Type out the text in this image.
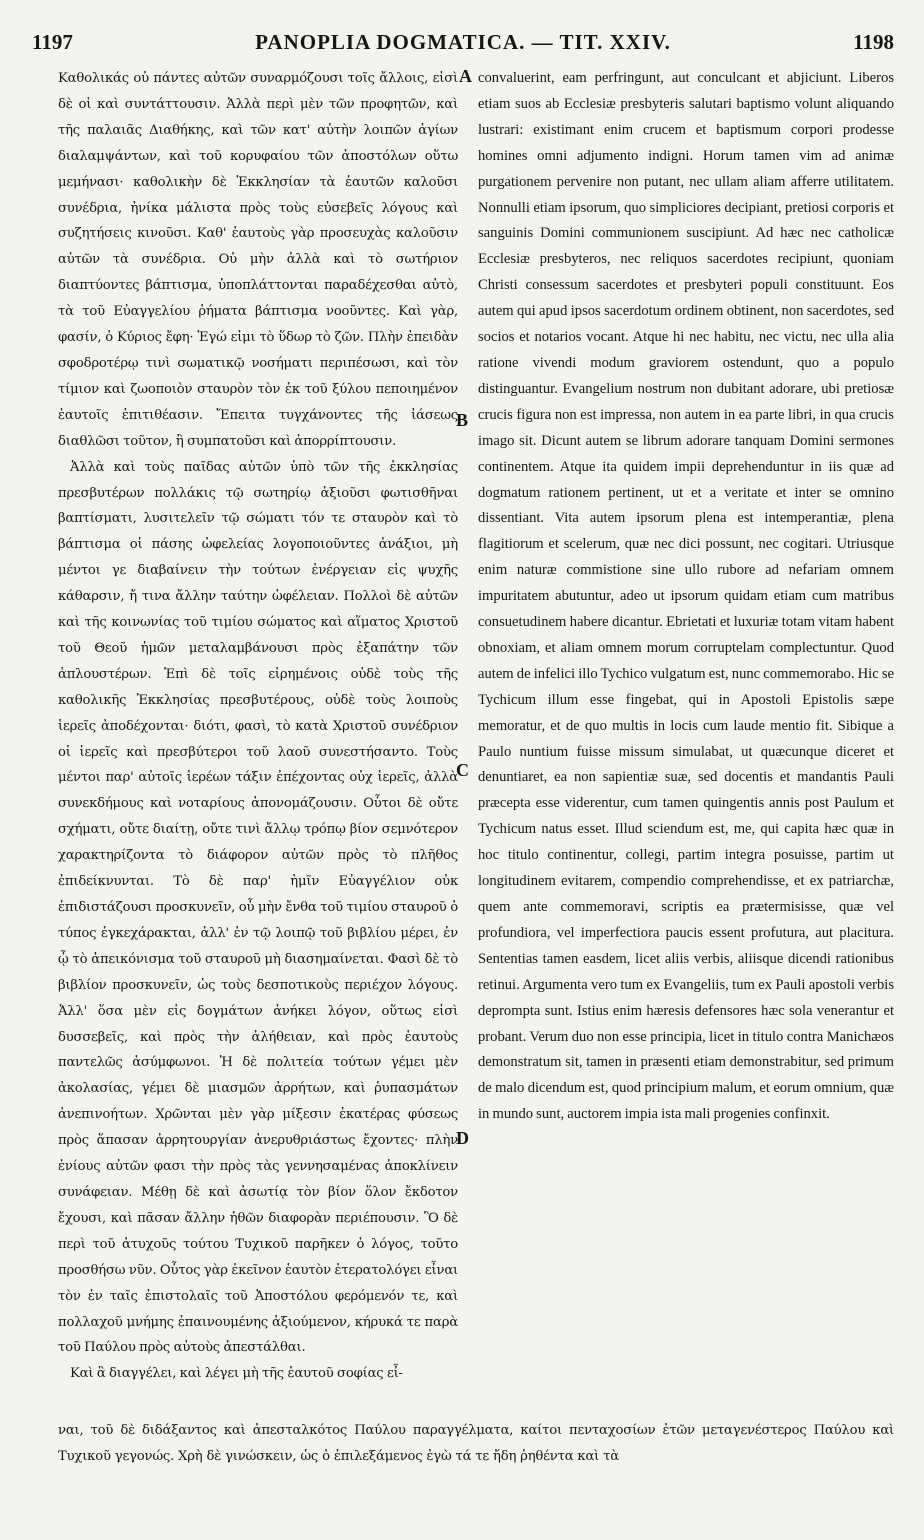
1197	PANOPLIA DOGMATICA. — TIT. XXIV.	1198

Καθολικάς οὐ πάντες αὐτῶν συναρμόζουσι τοῖς ἄλλοις, εἰσὶ δὲ οἱ καὶ συντάττουσιν. Ἀλλὰ περὶ μὲν τῶν προφητῶν, καὶ τῆς παλαιᾶς Διαθήκης, καὶ τῶν κατ' αὐτὴν λοιπῶν ἁγίων διαλαμψάντων, καὶ τοῦ κορυφαίου τῶν ἀποστόλων οὕτω μεμήνασι· καθολικὴν δὲ Ἐκκλησίαν τὰ ἑαυτῶν καλοῦσι συνέδρια, ἡνίκα μάλιστα πρὸς τοὺς εὐσεβεῖς λόγους καὶ συζητήσεις κινοῦσι. Καθ' ἑαυτοὺς γὰρ προσευχὰς καλοῦσιν αὐτῶν τὰ συνέδρια. Οὐ μὴν ἀλλὰ καὶ τὸ σωτήριον διαπτύοντες βάπτισμα, ὑποπλάττονται παραδέχεσθαι αὐτὸ, τὰ τοῦ Εὐαγγελίου ῥήματα βάπτισμα νοοῦντες. Καὶ γὰρ, φασίν, ὁ Κύριος ἔφη· Ἐγώ εἰμι τὸ ὕδωρ τὸ ζῶν. Πλὴν ἐπειδὰν σφοδροτέρῳ τινὶ σωματικῷ νοσήματι περιπέσωσι, καὶ τὸν τίμιον καὶ ζωοποιὸν σταυρὸν τὸν ἐκ τοῦ ξύλου πεποιημένον ἑαυτοῖς ἐπιτιθέασιν. Ἔπειτα τυγχάνοντες τῆς ἰάσεως διαθλῶσι τοῦτον, ἢ συμπατοῦσι καὶ ἀπορρίπτουσιν.

Ἀλλὰ καὶ τοὺς παῖδας αὐτῶν ὑπὸ τῶν τῆς ἐκκλησίας πρεσβυτέρων πολλάκις τῷ σωτηρίῳ ἀξιοῦσι φωτισθῆναι βαπτίσματι, λυσιτελεῖν τῷ σώματι τόν τε σταυρὸν καὶ τὸ βάπτισμα οἱ πάσης ὠφελείας λογοποιοῦντες ἀνάξιοι, μὴ μέντοι γε διαβαίνειν τὴν τούτων ἐνέργειαν εἰς ψυχῆς κάθαρσιν, ἤ τινα ἄλλην ταύτην ὠφέλειαν. Πολλοὶ δὲ αὐτῶν καὶ τῆς κοινωνίας τοῦ τιμίου σώματος καὶ αἵματος Χριστοῦ τοῦ Θεοῦ ἡμῶν μεταλαμβάνουσι πρὸς ἐξαπάτην τῶν ἁπλουστέρων. Ἐπὶ δὲ τοῖς εἰρημένοις οὐδὲ τοὺς τῆς καθολικῆς Ἐκκλησίας πρεσβυτέρους, οὐδὲ τοὺς λοιποὺς ἱερεῖς ἀποδέχονται· διότι, φασὶ, τὸ κατὰ Χριστοῦ συνέδριον οἱ ἱερεῖς καὶ πρεσβύτεροι τοῦ λαοῦ συνεστήσαντο. Τοὺς μέντοι παρ' αὐτοῖς ἱερέων τάξιν ἐπέχοντας οὐχ ἱερεῖς, ἀλλὰ συνεκδήμους καὶ νοταρίους ἀπονομάζουσιν. Οὗτοι δὲ οὔτε σχήματι, οὔτε διαίτῃ, οὔτε τινὶ ἄλλῳ τρόπῳ βίον σεμνότερον χαρακτηρίζοντα τὸ διάφορον αὐτῶν πρὸς τὸ πλῆθος ἐπιδείκνυνται. Τὸ δὲ παρ' ἡμῖν Εὐαγγέλιον οὐκ ἐπιδιστάζουσι προσκυνεῖν, οὗ μὴν ἔνθα τοῦ τιμίου σταυροῦ ὁ τύπος ἐγκεχάρακται, ἀλλ' ἐν τῷ λοιπῷ τοῦ βιβλίου μέρει, ἐν ᾧ τὸ ἀπεικόνισμα τοῦ σταυροῦ μὴ διασημαίνεται. Φασὶ δὲ τὸ βιβλίον προσκυνεῖν, ὡς τοὺς δεσποτικοὺς περιέχον λόγους. Ἀλλ' ὅσα μὲν εἰς δογμάτων ἀνήκει λόγον, οὕτως εἰσὶ δυσσεβεῖς, καὶ πρὸς τὴν ἀλήθειαν, καὶ πρὸς ἑαυτοὺς παντελῶς ἀσύμφωνοι. Ἡ δὲ πολιτεία τούτων γέμει μὲν ἀκολασίας, γέμει δὲ μιασμῶν ἀρρήτων, καὶ ῥυπασμάτων ἀνεπινοήτων. Χρῶνται μὲν γὰρ μίξεσιν ἑκατέρας φύσεως πρὸς ἅπασαν ἀρρητουργίαν ἀνερυθριάστως ἔχοντες· πλὴν ἐνίους αὐτῶν φασι τὴν πρὸς τὰς γεννησαμένας ἀποκλίνειν συνάφειαν. Μέθῃ δὲ καὶ ἀσωτίᾳ τὸν βίον ὅλον ἔκδοτον ἔχουσι, καὶ πᾶσαν ἄλλην ἠθῶν διαφορὰν περιέπουσιν. Ὃ δὲ περὶ τοῦ ἀτυχοῦς τούτου Τυχικοῦ παρῆκεν ὁ λόγος, τοῦτο προσθήσω νῦν. Οὗτος γὰρ ἐκεῖνον ἑαυτὸν ἐτερατολόγει εἶναι τὸν ἐν ταῖς ἐπιστολαῖς τοῦ Ἀποστόλου φερόμενόν τε, καὶ πολλαχοῦ μνήμης ἐπαινουμένης ἀξιούμενον, κήρυκά τε παρὰ τοῦ Παύλου πρὸς αὐτοὺς ἀπεστάλθαι.

Καὶ ἃ διαγγέλει, καὶ λέγει μὴ τῆς ἑαυτοῦ σοφίας εἶ-

A
B
C
D

convaluerint, eam perfringunt, aut conculcant et abjiciunt. Liberos etiam suos ab Ecclesiæ presbyteris salutari baptismo volunt aliquando lustrari: existimant enim crucem et baptismum corpori prodesse homines omni adjumento indigni. Horum tamen vim ad animæ purgationem pervenire non putant, nec ullam aliam afferre utilitatem. Nonnulli etiam ipsorum, quo simpliciores decipiant, pretiosi corporis et sanguinis Domini communionem suscipiunt. Ad hæc nec catholicæ Ecclesiæ presbyteros, nec reliquos sacerdotes recipiunt, quoniam Christi consessum sacerdotes et presbyteri populi constituunt. Eos autem qui apud ipsos sacerdotum ordinem obtinent, non sacerdotes, sed socios et notarios vocant. Atque hi nec habitu, nec victu, nec ulla alia ratione vivendi modum graviorem ostendunt, quo a populo distinguantur. Evangelium nostrum non dubitant adorare, ubi pretiosæ crucis figura non est impressa, non autem in ea parte libri, in qua crucis imago sit. Dicunt autem se librum adorare tanquam Domini sermones continentem. Atque ita quidem impii deprehenduntur in iis quæ ad dogmatum rationem pertinent, ut et a veritate et inter se omnino dissentiant. Vita autem ipsorum plena est intemperantiæ, plena flagitiorum et scelerum, quæ nec dici possunt, nec cogitari. Utriusque enim naturæ commistione sine ullo rubore ad nefariam omnem impuritatem abutuntur, adeo ut ipsorum quidam etiam cum matribus consuetudinem habere dicantur. Ebrietati et luxuriæ totam vitam habent obnoxiam, et aliam omnem morum corruptelam complectuntur. Quod autem de infelici illo Tychico vulgatum est, nunc commemorabo. Hic se Tychicum illum esse fingebat, qui in Apostoli Epistolis sæpe memoratur, et de quo multis in locis cum laude mentio fit. Sibique a Paulo nuntium fuisse missum simulabat, ut quæcunque diceret et denuntiaret, ea non sapientiæ suæ, sed docentis et mandantis Pauli præcepta esse viderentur, cum tamen quingentis annis post Paulum et Tychicum natus esset. Illud sciendum est, me, qui capita hæc quæ in hoc titulo continentur, collegi, partim integra posuisse, partim ut longitudinem evitarem, compendio comprehendisse, et ex patriarchæ, quem ante commemoravi, scriptis ea prætermisisse, quæ vel profundiora, vel imperfectiora paucis essent profutura, aut placitura. Sententias tamen easdem, licet aliis verbis, aliisque dicendi rationibus retinui. Argumenta vero tum ex Evangeliis, tum ex Pauli apostoli verbis deprompta sunt. Istius enim hæresis defensores hæc sola venerantur et probant. Verum duo non esse principia, licet in titulo contra Manichæos demonstratum sit, tamen in præsenti etiam demonstrabitur, sed primum de malo dicendum est, quod principium malum, et eorum omnium, quæ in mundo sunt, auctorem impia ista mali progenies confinxit.

ναι, τοῦ δὲ διδάξαντος καὶ ἀπεσταλκότος Παύλου παραγγέλματα, καίτοι πενταχοσίων ἐτῶν μεταγενέστερος Παύλου καὶ Τυχικοῦ γεγονώς. Χρὴ δὲ γινώσκειν, ὡς ὁ ἐπιλεξάμενος ἐγὼ τά τε ἤδη ῥηθέντα καὶ τὰ
